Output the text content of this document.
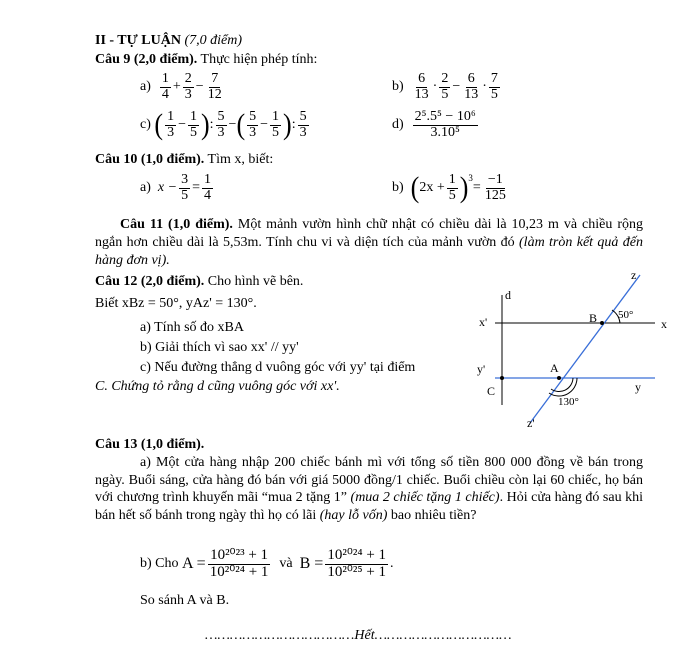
II - TỰ LUẬN (7,0 điểm)
Câu 9 (2,0 điểm). Thực hiện phép tính:
a)
$\frac{1}{4} + \frac{2}{3} - \frac{7}{12}$	b)
$\frac{6}{13} \cdot \frac{2}{5} - \frac{6}{13} \cdot \frac{7}{5}$
c)
( $\frac{1}{3} - \frac{1}{5}$ ) : $\frac{5}{3}$ − ( $\frac{5}{3} - \frac{1}{5}$ ) : $\frac{5}{3}$	d)
$\frac{\text{2⁵.5⁵ − 10⁶}}{\text{3.10⁵}}$
Câu 10 (1,0 điểm). Tìm x, biết:
a)
$x - \frac{3}{5} = \frac{1}{4}$	b)
( $2x + \frac{1}{5} )^3$
= $\frac{-1}{125}$
Câu 11 (1,0 điểm). Một mảnh vườn hình chữ nhật có chiều dài là 10,23 m và chiều rộng ngắn hơn chiều dài là 5,53m. Tính chu vi và diện tích của mảnh vườn đó (làm tròn kết quả đến hàng đơn vị).
Câu 12 (2,0 điểm). Cho hình vẽ bên.
Biết xBz = 50°, yAz' = 130°.
a) Tính số đo xBA
b) Giải thích vì sao xx' // yy'
c) Nếu đường thẳng d vuông góc với yy' tại điểm
C. Chứng tỏ rằng d cũng vuông góc với xx'.
z
d
x'	B 50°
x
y'	A
C	y
130°
z'
Câu 13 (1,0 điểm).
a) Một cửa hàng nhập 200 chiếc bánh mì với tổng số tiền 800 000 đồng về bán trong ngày. Buổi sáng, cửa hàng đó bán với giá 5000 đồng/1 chiếc. Buổi chiều còn lại 60 chiếc, họ bán với chương trình khuyến mãi “mua 2 tặng 1” (mua 2 chiếc tặng 1 chiếc). Hỏi cửa hàng đó sau khi bán hết số bánh trong ngày thì họ có lãi (hay lỗ vốn) bao nhiêu tiền?
b) Cho
$A = \frac{\text{10²⁰²³ + 1}}{\text{10²⁰²⁴ + 1}}$
và
$B = \frac{\text{10²⁰²⁴ + 1}}{\text{10²⁰²⁵ + 1}}$ .
So sánh A và B.
………………………………Hết……………………………
